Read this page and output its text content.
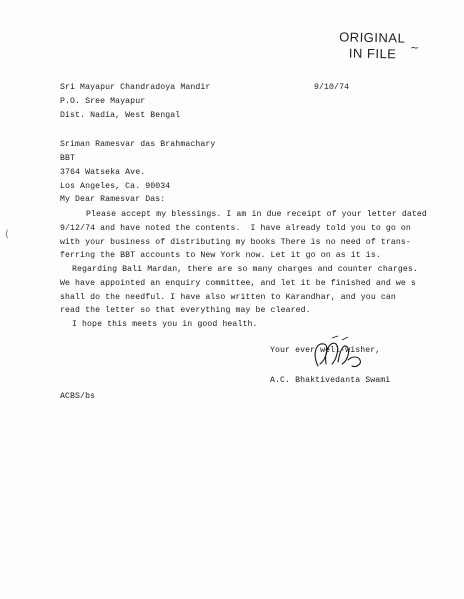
ORIGINAL
IN FILE	~
Sri Mayapur Chandradoya Mandir
P.O. Sree Mayapur
Dist. Nadia, West Bengal
9/10/74
Sriman Ramesvar das Brahmachary
BBT
3764 Watseka Ave.
Los Angeles, Ca. 90034
My Dear Ramesvar Das:
(
Please accept my blessings. I am in due receipt of your letter dated
9/12/74 and have noted the contents.  I have already told you to go on
with your business of distributing my books There is no need of trans-
ferring the BBT accounts to New York now. Let it go on as it is.
Regarding Bali Mardan, there are so many charges and counter charges.
We have appointed an enquiry committee, and let it be finished and we s
shall do the needful. I have also written to Karandhar, and you can
read the letter so that everything may be cleared.
I hope this meets you in good health.
Your ever well-wisher,
A.C. Bhaktivedanta Swami
ACBS/bs
